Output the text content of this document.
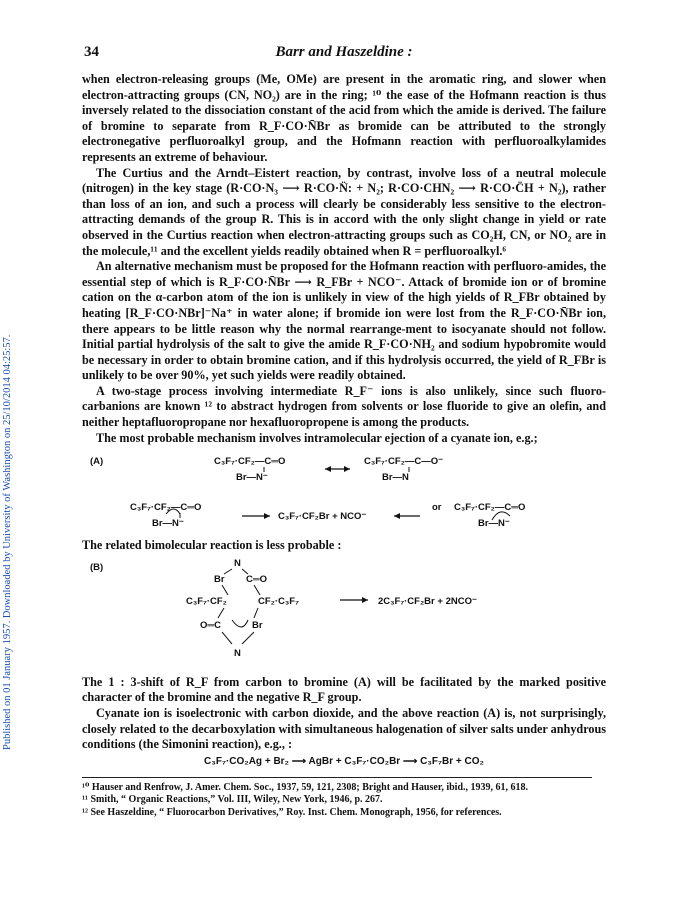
Published on 01 January 1957. Downloaded by University of Washington on 25/10/2014 04:25:57.
34	Barr and Haszeldine :

when electron-releasing groups (Me, OMe) are present in the aromatic ring, and slower when electron-attracting groups (CN, NO₂) are in the ring; ¹⁰ the ease of the Hofmann reaction is thus inversely related to the dissociation constant of the acid from which the amide is derived. The failure of bromine to separate from R_F·CO·N̄Br as bromide can be attributed to the strongly electronegative perfluoroalkyl group, and the Hofmann reaction with perfluoroalkylamides represents an extreme of behaviour.

The Curtius and the Arndt–Eistert reaction, by contrast, involve loss of a neutral molecule (nitrogen) in the key stage (R·CO·N₃ ⟶ R·CO·N̈: + N₂; R·CO·CHN₂ ⟶ R·CO·C̈H + N₂), rather than loss of an ion, and such a process will clearly be considerably less sensitive to the electron-attracting demands of the group R. This is in accord with the only slight change in yield or rate observed in the Curtius reaction when electron-attracting groups such as CO₂H, CN, or NO₂ are in the molecule,¹¹ and the excellent yields readily obtained when R = perfluoroalkyl.⁶

An alternative mechanism must be proposed for the Hofmann reaction with perfluoro-amides, the essential step of which is R_F·CO·N̄Br ⟶ R_FBr + NCO⁻. Attack of bromide ion or of bromine cation on the α-carbon atom of the ion is unlikely in view of the high yields of R_FBr obtained by heating [R_F·CO·NBr]⁻Na⁺ in water alone; if bromide ion were lost from the R_F·CO·N̄Br ion, there appears to be little reason why the normal rearrange-ment to isocyanate should not follow. Initial partial hydrolysis of the salt to give the amide R_F·CO·NH₂ and sodium hypobromite would be necessary in order to obtain bromine cation, and if this hydrolysis occurred, the yield of R_FBr is unlikely to be over 90%, yet such yields were readily obtained.

A two-stage process involving intermediate R_F⁻ ions is also unlikely, since such fluoro-carbanions are known ¹² to abstract hydrogen from solvents or lose fluoride to give an olefin, and neither heptafluoropropane nor hexafluoropropene is among the products.

The most probable mechanism involves intramolecular ejection of a cyanate ion, e.g.;

(A)	C₃F₇·CF₂—C═O
Br—N⁻
C₃F₇·CF₂—C—O⁻
Br—N
C₃F₇·CF₂—C═O
Br—N⁻
C₃F₇·CF₂Br + NCO⁻
or C₃F₇·CF₂—C═O
Br—N⁻

The related bimolecular reaction is less probable :

(B)	N
Br C═O
C₃F₇·CF₂	CF₂·C₃F₇
O═C	Br
N
2C₃F₇·CF₂Br + 2NCO⁻

The 1 : 3-shift of R_F from carbon to bromine (A) will be facilitated by the marked positive character of the bromine and the negative R_F group.

Cyanate ion is isoelectronic with carbon dioxide, and the above reaction (A) is, not surprisingly, closely related to the decarboxylation with simultaneous halogenation of silver salts under anhydrous conditions (the Simonini reaction), e.g., :

C₃F₇·CO₂Ag + Br₂ ⟶ AgBr + C₃F₇·CO₂Br ⟶ C₃F₇Br + CO₂

¹⁰ Hauser and Renfrow, J. Amer. Chem. Soc., 1937, 59, 121, 2308; Bright and Hauser, ibid., 1939, 61, 618.

¹¹ Smith, “ Organic Reactions,” Vol. III, Wiley, New York, 1946, p. 267.

¹² See Haszeldine, “ Fluorocarbon Derivatives,” Roy. Inst. Chem. Monograph, 1956, for references.
